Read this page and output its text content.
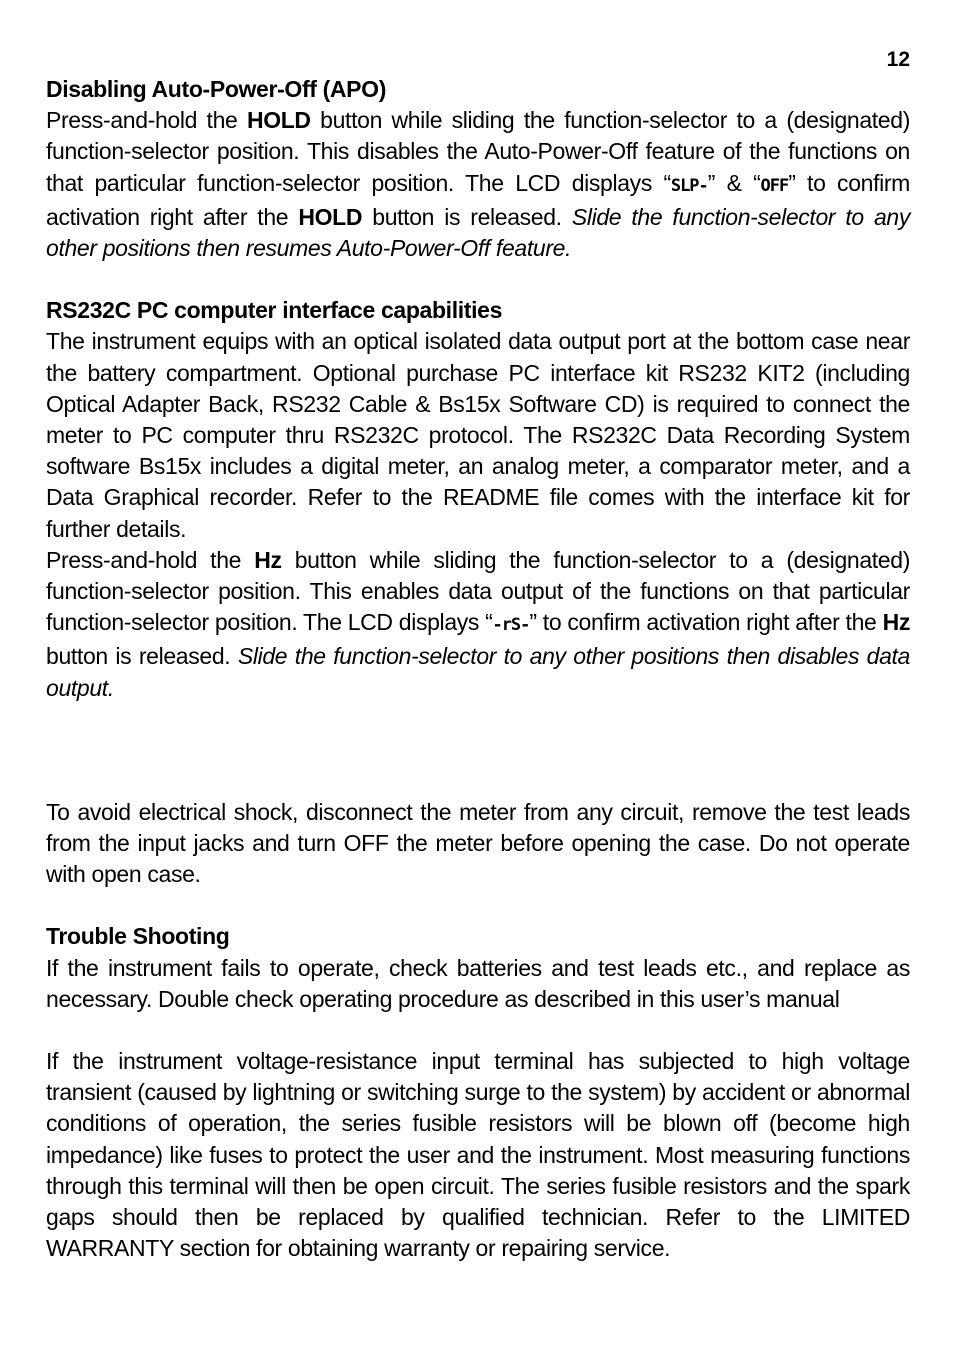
12

Disabling Auto-Power-Off (APO)

Press-and-hold the HOLD button while sliding the function-selector to a (designated) function-selector position. This disables the Auto-Power-Off feature of the functions on that particular function-selector position. The LCD displays “SLP-” & “OFF” to confirm activation right after the HOLD button is released. Slide the function-selector to any other positions then resumes Auto-Power-Off feature.

RS232C PC computer interface capabilities

The instrument equips with an optical isolated data output port at the bottom case near the battery compartment. Optional purchase PC interface kit RS232 KIT2 (including Optical Adapter Back, RS232 Cable & Bs15x Software CD) is required to connect the meter to PC computer thru RS232C protocol. The RS232C Data Recording System software Bs15x includes a digital meter, an analog meter, a comparator meter, and a Data Graphical recorder. Refer to the README file comes with the interface kit for further details.

Press-and-hold the Hz button while sliding the function-selector to a (designated) function-selector position. This enables data output of the functions on that particular function-selector position. The LCD displays “-rS-” to confirm activation right after the Hz button is released. Slide the function-selector to any other positions then disables data output.

To avoid electrical shock, disconnect the meter from any circuit, remove the test leads from the input jacks and turn OFF the meter before opening the case. Do not operate with open case.

Trouble Shooting

If the instrument fails to operate, check batteries and test leads etc., and replace as necessary. Double check operating procedure as described in this user’s manual

If the instrument voltage-resistance input terminal has subjected to high voltage transient (caused by lightning or switching surge to the system) by accident or abnormal conditions of operation, the series fusible resistors will be blown off (become high impedance) like fuses to protect the user and the instrument. Most measuring functions through this terminal will then be open circuit. The series fusible resistors and the spark gaps should then be replaced by qualified technician. Refer to the LIMITED WARRANTY section for obtaining warranty or repairing service.
